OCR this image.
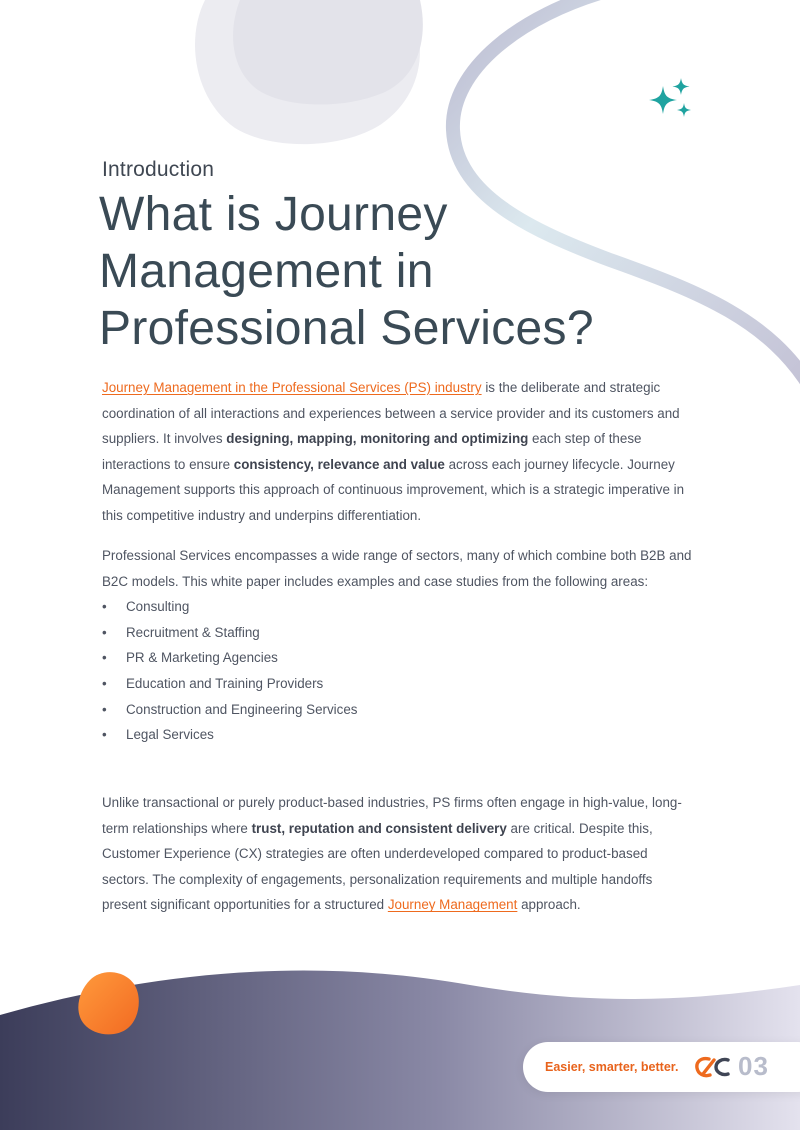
Introduction
What is Journey
Management in
Professional Services?

Journey Management in the Professional Services (PS) industry is the deliberate and strategic coordination of all interactions and experiences between a service provider and its customers and suppliers. It involves designing, mapping, monitoring and optimizing each step of these interactions to ensure consistency, relevance and value across each journey lifecycle. Journey Management supports this approach of continuous improvement, which is a strategic imperative in this competitive industry and underpins differentiation.

Professional Services encompasses a wide range of sectors, many of which combine both B2B and B2C models. This white paper includes examples and case studies from the following areas:

• Consulting
• Recruitment & Staffing
• PR & Marketing Agencies
• Education and Training Providers
• Construction and Engineering Services
• Legal Services

Unlike transactional or purely product-based industries, PS firms often engage in high-value, long-term relationships where trust, reputation and consistent delivery are critical. Despite this, Customer Experience (CX) strategies are often underdeveloped compared to product-based sectors. The complexity of engagements, personalization requirements and multiple handoffs present significant opportunities for a structured Journey Management approach.

Easier, smarter, better. 03
